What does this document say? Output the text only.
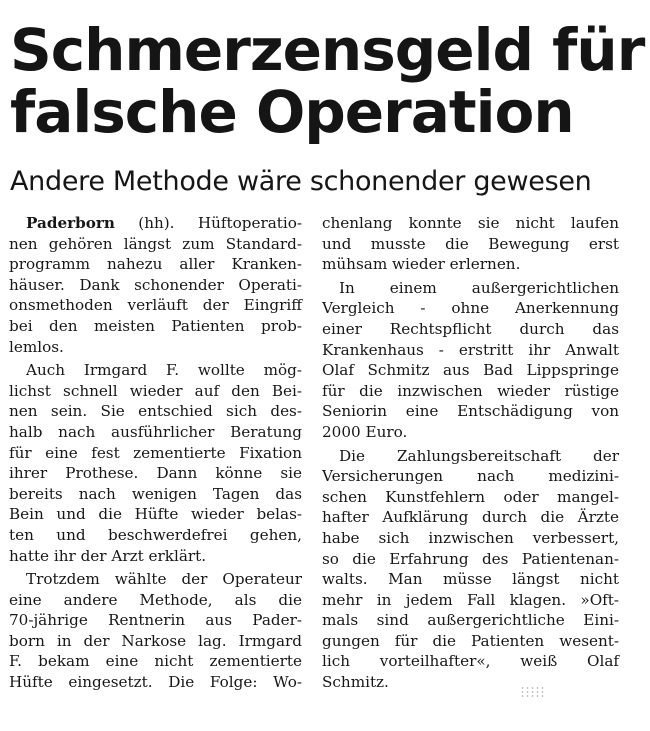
Schmerzensgeld für
falsche Operation
Andere Methode wäre schonender gewesen

Paderborn (hh). Hüftoperatio-
nen gehören längst zum Standard-
programm nahezu aller Kranken-
häuser. Dank schonender Operati-
onsmethoden verläuft der Eingriff
bei den meisten Patienten prob-
lemlos.

Auch Irmgard F. wollte mög-
lichst schnell wieder auf den Bei-
nen sein. Sie entschied sich des-
halb nach ausführlicher Beratung
für eine fest zementierte Fixation
ihrer Prothese. Dann könne sie
bereits nach wenigen Tagen das
Bein und die Hüfte wieder belas-
ten und beschwerdefrei gehen,
hatte ihr der Arzt erklärt.

Trotzdem wählte der Operateur
eine andere Methode, als die
70-jährige Rentnerin aus Pader-
born in der Narkose lag. Irmgard
F. bekam eine nicht zementierte
Hüfte eingesetzt. Die Folge: Wo-

chenlang konnte sie nicht laufen
und musste die Bewegung erst
mühsam wieder erlernen.

In einem außergerichtlichen
Vergleich - ohne Anerkennung
einer Rechtspflicht durch das
Krankenhaus - erstritt ihr Anwalt
Olaf Schmitz aus Bad Lippspringe
für die inzwischen wieder rüstige
Seniorin eine Entschädigung von
2000 Euro.

Die Zahlungsbereitschaft der
Versicherungen nach medizini-
schen Kunstfehlern oder mangel-
hafter Aufklärung durch die Ärzte
habe sich inzwischen verbessert,
so die Erfahrung des Patientenan-
walts. Man müsse längst nicht
mehr in jedem Fall klagen. »Oft-
mals sind außergerichtliche Eini-
gungen für die Patienten wesent-
lich vorteilhafter«, weiß Olaf
Schmitz.
